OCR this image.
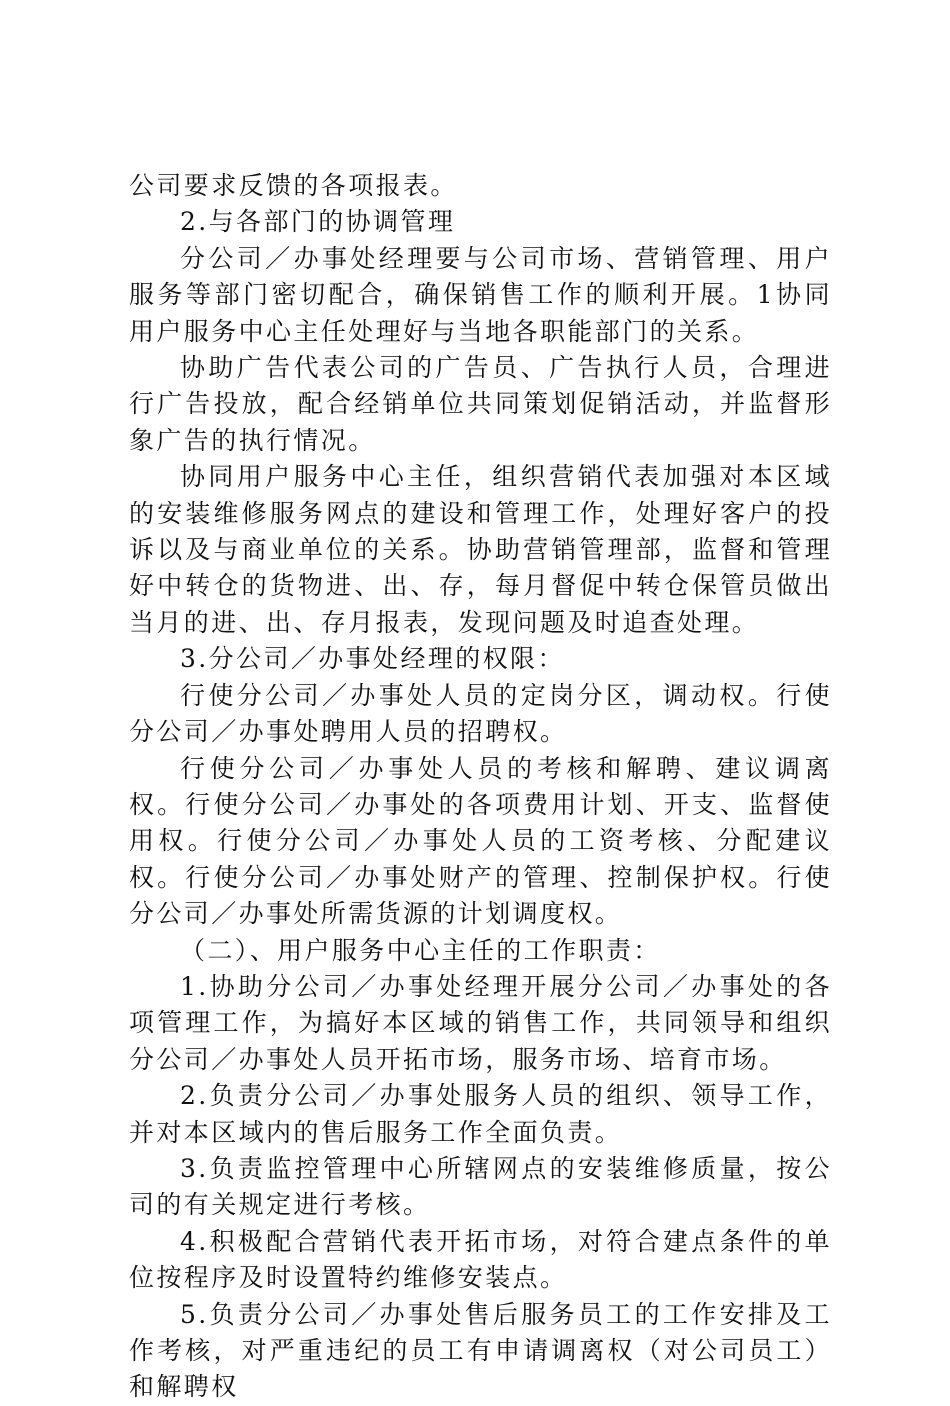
公司要求反馈的各项报表。

2.与各部门的协调管理

分公司／办事处经理要与公司市场、营销管理、用户服务等部门密切配合，确保销售工作的顺利开展。1协同用户服务中心主任处理好与当地各职能部门的关系。

协助广告代表公司的广告员、广告执行人员，合理进行广告投放，配合经销单位共同策划促销活动，并监督形象广告的执行情况。

协同用户服务中心主任，组织营销代表加强对本区域的安装维修服务网点的建设和管理工作，处理好客户的投诉以及与商业单位的关系。协助营销管理部，监督和管理好中转仓的货物进、出、存，每月督促中转仓保管员做出当月的进、出、存月报表，发现问题及时追查处理。

3.分公司／办事处经理的权限：

行使分公司／办事处人员的定岗分区，调动权。行使分公司／办事处聘用人员的招聘权。

行使分公司／办事处人员的考核和解聘、建议调离权。行使分公司／办事处的各项费用计划、开支、监督使用权。行使分公司／办事处人员的工资考核、分配建议权。行使分公司／办事处财产的管理、控制保护权。行使分公司／办事处所需货源的计划调度权。

（二）、用户服务中心主任的工作职责：

1.协助分公司／办事处经理开展分公司／办事处的各项管理工作，为搞好本区域的销售工作，共同领导和组织分公司／办事处人员开拓市场，服务市场、培育市场。

2.负责分公司／办事处服务人员的组织、领导工作，并对本区域内的售后服务工作全面负责。

3.负责监控管理中心所辖网点的安装维修质量，按公司的有关规定进行考核。

4.积极配合营销代表开拓市场，对符合建点条件的单位按程序及时设置特约维修安装点。

5.负责分公司／办事处售后服务员工的工作安排及工作考核，对严重违纪的员工有申请调离权（对公司员工）和解聘权
